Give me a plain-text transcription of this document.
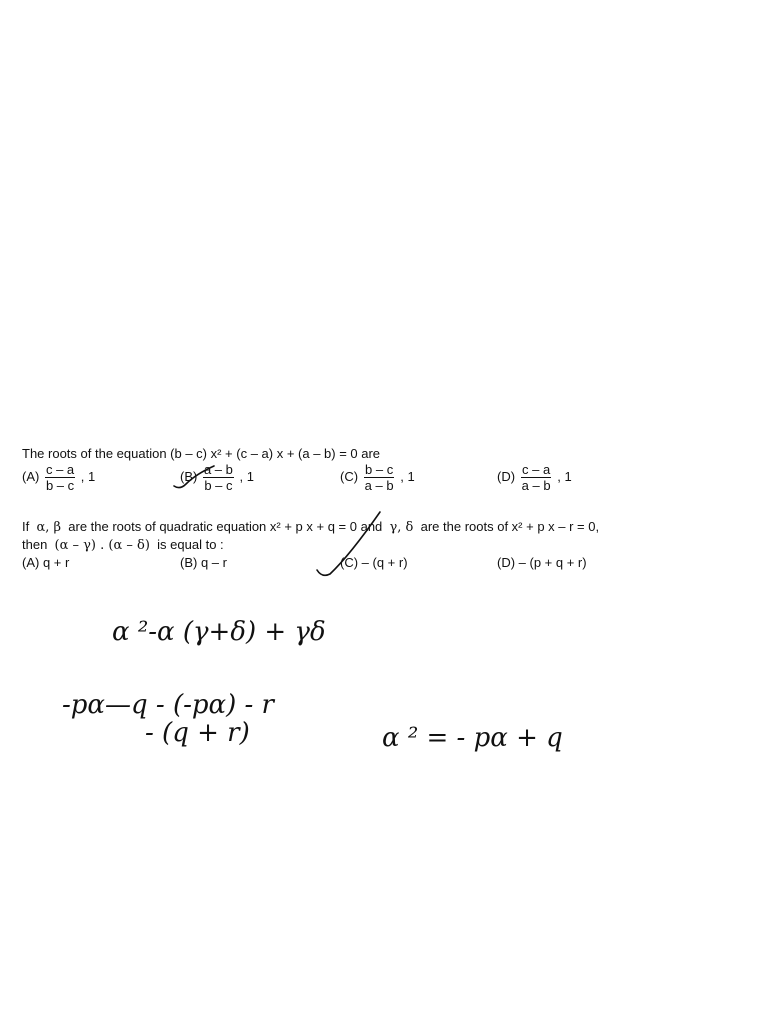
The roots of the equation (b – c) x² + (c – a) x + (a – b) = 0 are
$(A) \frac{c - a}{b - c}$ , 1	$(B) \frac{a - b}{b - c}$ , 1	$(C) \frac{b - c}{a - b}$ , 1	$(D) \frac{c - a}{a - b}$ , 1
If α, β are the roots of quadratic equation x² + p x + q = 0 and γ, δ are the roots of x² + p x – r = 0,
then (α – γ) . (α – δ) is equal to :
(A) q + r	(B) q – r	(C) – (q + r)	(D) – (p + q + r)
α ²-α (γ+δ) + γδ
-pα—q - (-pα) - r
- (q + r)	α ² = - pα + q
